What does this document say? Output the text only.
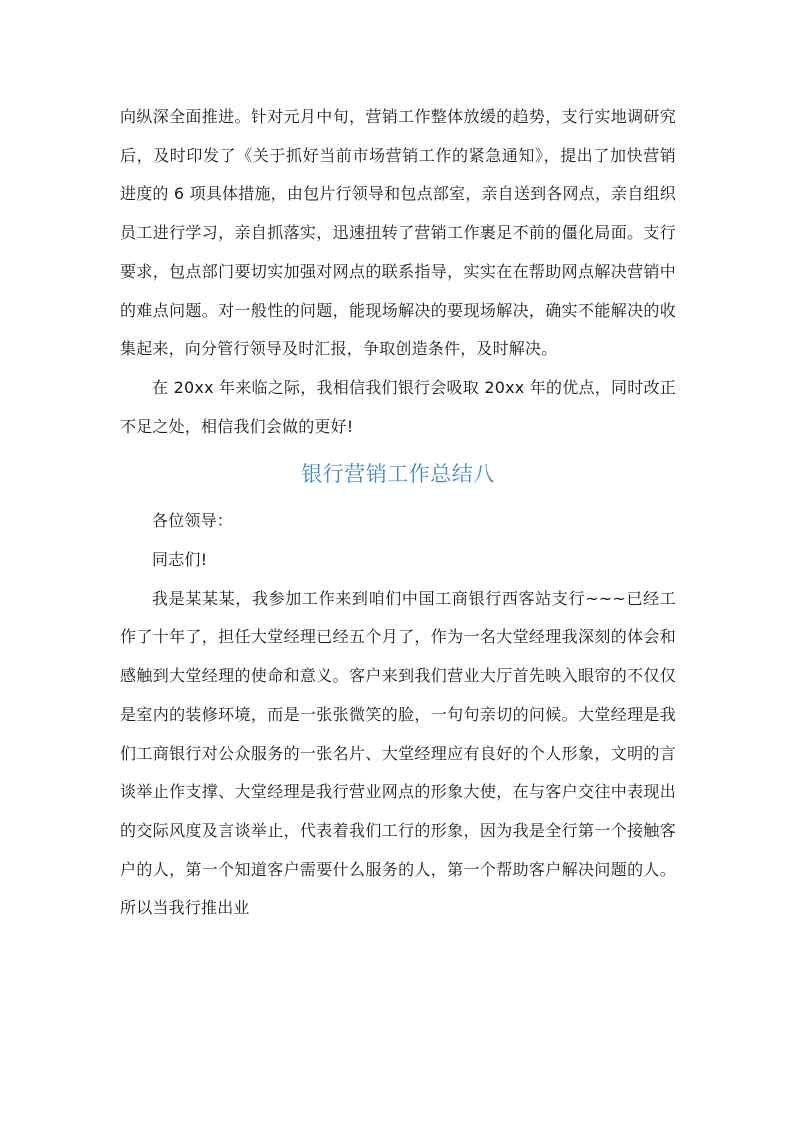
向纵深全面推进。针对元月中旬，营销工作整体放缓的趋势，支行实地调研究后，及时印发了《关于抓好当前市场营销工作的紧急通知》，提出了加快营销进度的 6 项具体措施，由包片行领导和包点部室，亲自送到各网点，亲自组织员工进行学习，亲自抓落实，迅速扭转了营销工作裹足不前的僵化局面。支行要求，包点部门要切实加强对网点的联系指导，实实在在帮助网点解决营销中的难点问题。对一般性的问题，能现场解决的要现场解决，确实不能解决的收集起来，向分管行领导及时汇报，争取创造条件，及时解决。

在 20xx 年来临之际，我相信我们银行会吸取 20xx 年的优点，同时改正不足之处，相信我们会做的更好!

银行营销工作总结八

各位领导：

同志们!

我是某某某，我参加工作来到咱们中国工商银行西客站支行~~~已经工作了十年了，担任大堂经理已经五个月了，作为一名大堂经理我深刻的体会和感触到大堂经理的使命和意义。客户来到我们营业大厅首先映入眼帘的不仅仅是室内的装修环境，而是一张张微笑的脸，一句句亲切的问候。大堂经理是我们工商银行对公众服务的一张名片、大堂经理应有良好的个人形象，文明的言谈举止作支撑、大堂经理是我行营业网点的形象大使，在与客户交往中表现出的交际风度及言谈举止，代表着我们工行的形象，因为我是全行第一个接触客户的人，第一个知道客户需要什么服务的人，第一个帮助客户解决问题的人。所以当我行推出业
